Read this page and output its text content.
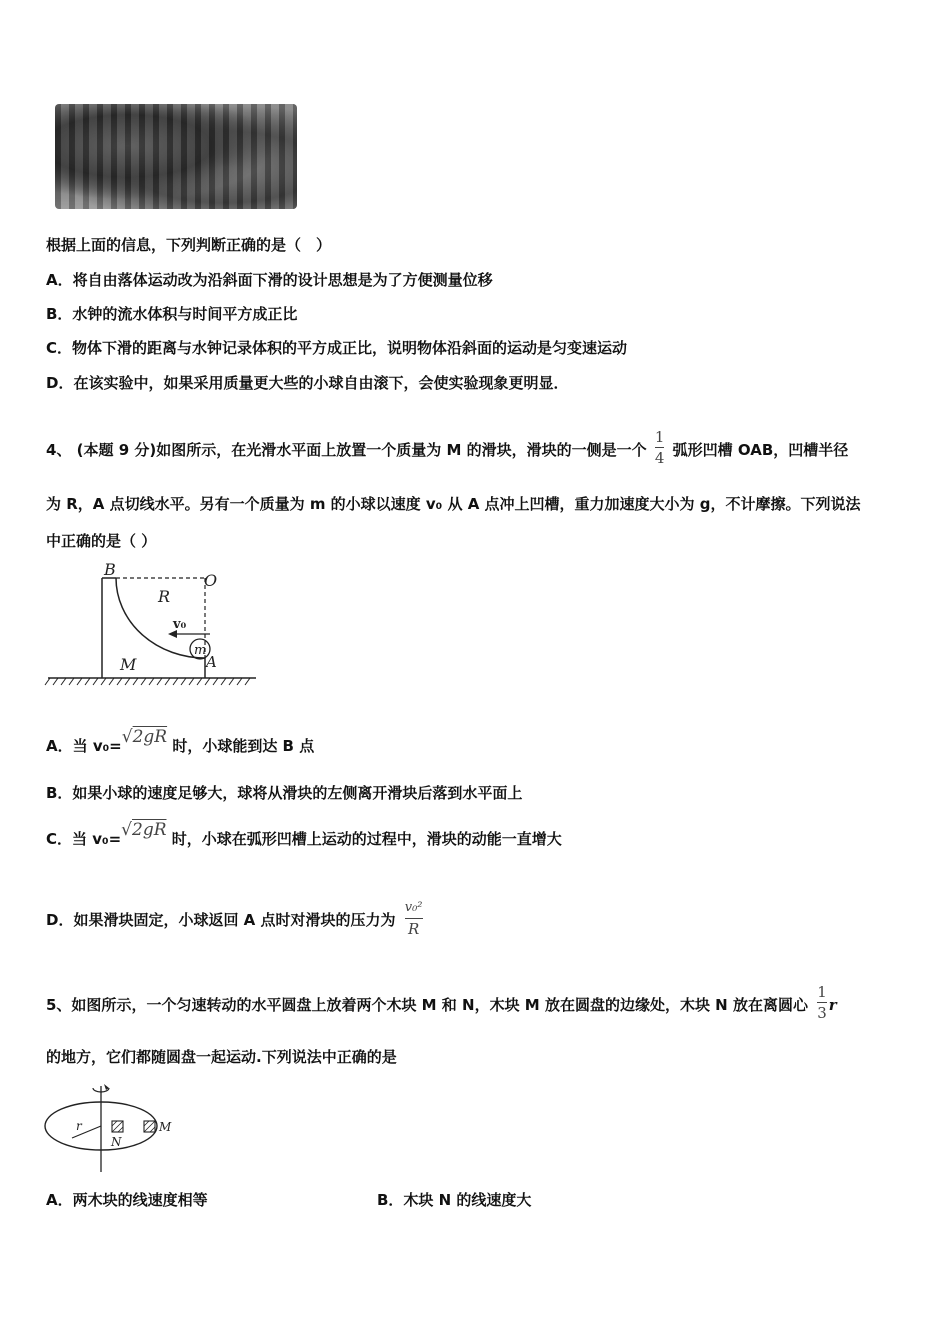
根据上面的信息，下列判断正确的是（　）
A．将自由落体运动改为沿斜面下滑的设计思想是为了方便测量位移
B．水钟的流水体积与时间平方成正比
C．物体下滑的距离与水钟记录体积的平方成正比，说明物体沿斜面的运动是匀变速运动
D．在该实验中，如果采用质量更大些的小球自由滚下，会使实验现象更明显．
4、 (本题 9 分)如图所示，在光滑水平面上放置一个质量为 M 的滑块，滑块的一侧是一个 $\frac{1}{4}$ 弧形凹槽 OAB，凹槽半径
为 R，A 点切线水平。另有一个质量为 m 的小球以速度 v₀ 从 A 点冲上凹槽，重力加速度大小为 g，不计摩擦。下列说法
中正确的是（ ）
B
O
R
v₀
m
M	A
A．当 v₀=√2gR 时，小球能到达 B 点
B．如果小球的速度足够大，球将从滑块的左侧离开滑块后落到水平面上
C．当 v₀=√2gR 时，小球在弧形凹槽上运动的过程中，滑块的动能一直增大
D．如果滑块固定，小球返回 A 点时对滑块的压力为 $\frac{\text{v₀²}}{R}$
5、如图所示，一个匀速转动的水平圆盘上放着两个木块 M 和 N，木块 M 放在圆盘的边缘处，木块 N 放在离圆心 $\frac{1}{3}$ r
的地方，它们都随圆盘一起运动.下列说法中正确的是
r
N
M
A．两木块的线速度相等	B．木块 N 的线速度大
